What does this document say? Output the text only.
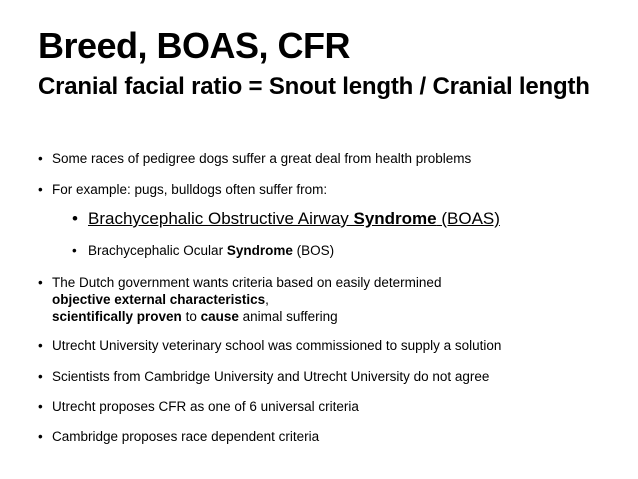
Breed, BOAS, CFR
Cranial facial ratio = Snout length / Cranial length
• Some races of pedigree dogs suffer a great deal from health problems
• For example: pugs, bulldogs often suffer from:
• Brachycephalic Obstructive Airway Syndrome (BOAS)
• Brachycephalic Ocular Syndrome (BOS)
• The Dutch government wants criteria based on easily determined
objective external characteristics,
scientifically proven to cause animal suffering
• Utrecht University veterinary school was commissioned to supply a solution
• Scientists from Cambridge University and Utrecht University do not agree
• Utrecht proposes CFR as one of 6 universal criteria
• Cambridge proposes race dependent criteria
